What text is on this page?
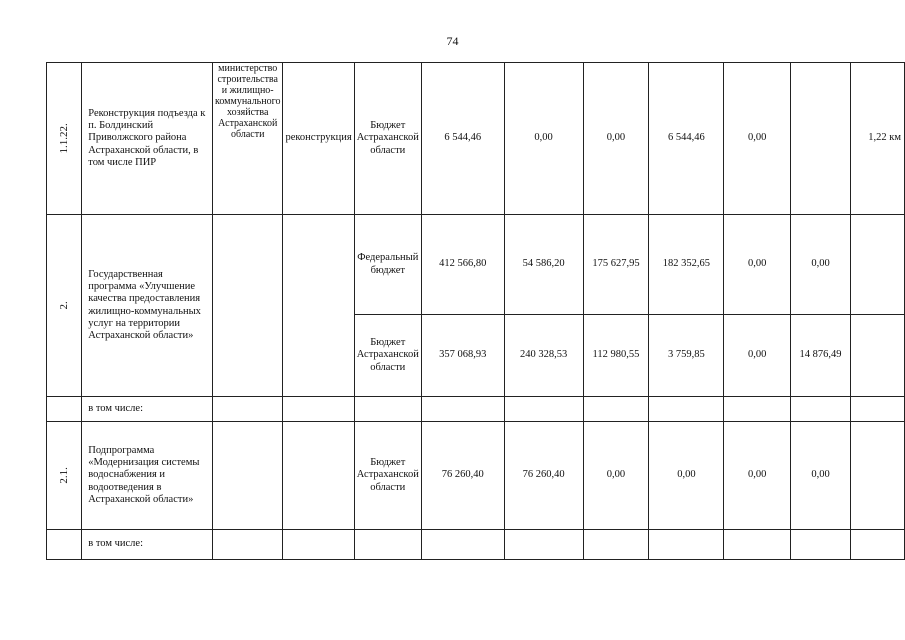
74
1.1.22.	Реконструкция подъезда к п. Болдинский Приволжского района Астраханской области, в том числе ПИР	министерство строительства и жилищно-коммунального хозяйства Астраханской области	реконструкция	Бюджет Астраханской области	6 544,46	0,00	0,00	6 544,46	0,00		1,22 км
2.	Государственная программа «Улучшение качества предоставления жилищно-коммунальных услуг на территории Астраханской области»			Федеральный бюджет	412 566,80	54 586,20	175 627,95	182 352,65	0,00	0,00	
				Бюджет Астраханской области	357 068,93	240 328,53	112 980,55	3 759,85	0,00	14 876,49	
	в том числе:										
2.1.	Подпрограмма «Модернизация системы водоснабжения и водоотведения в Астраханской области»			Бюджет Астраханской области	76 260,40	76 260,40	0,00	0,00	0,00	0,00	
	в том числе:										
